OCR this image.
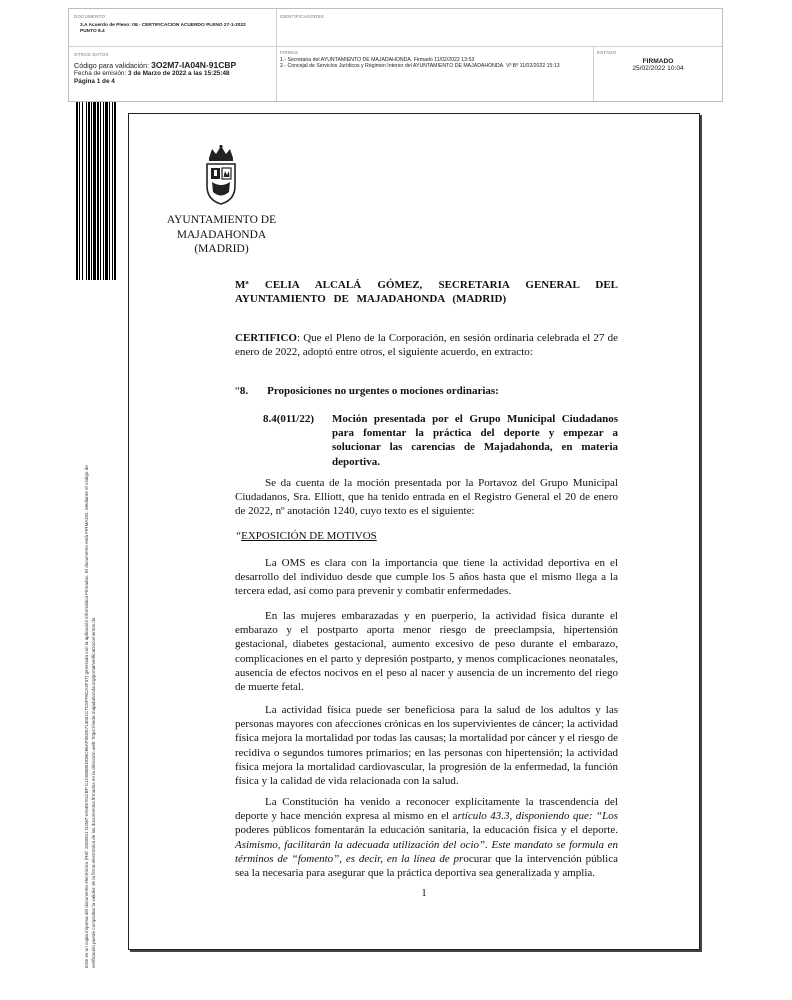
DOCUMENTO
3.A Acuerdo de Pleno: 08.- CERTIFICACION ACUERDO PLENO 27-1-2022 PUNTO 8.4
IDENTIFICADORES
OTROS DATOS
Código para validación: 3O2M7-IA04N-91CBP
Fecha de emisión: 3 de Marzo de 2022 a las 15:25:48
Página 1 de 4
FIRMAS
1.- Secretaria del AYUNTAMIENTO DE MAJADAHONDA. Firmado 11/02/2022 13:53
2.- Concejal de Servicios Jurídicos y Régimen Interior del AYUNTAMIENTO DE MAJADAHONDA. Vº Bº 11/02/2022 15:13
ESTADO
FIRMADO
25/02/2022 10:04
Este es un copia impresa del documento electrónico (Ref: 2050611 O2M7-IA04N-91CBP C1A58806DDBC66AF05D5713031C7C5FF8CA4F37) generada con la aplicación informática Firmadoc. El documento está FIRMADO. Mediante el código de verificación puede comprobar la validez de la firma electrónica de los documentos firmados en la dirección web: https://sede.majadahonda.org/portal/verificaDocumentos.do
AYUNTAMIENTO DE
MAJADAHONDA
(MADRID)
Mª CELIA ALCALÁ GÓMEZ, SECRETARIA GENERAL DEL AYUNTAMIENTO DE MAJADAHONDA (MADRID)
CERTIFICO: Que el Pleno de la Corporación, en sesión ordinaria celebrada el 27 de enero de 2022, adoptó entre otros, el siguiente acuerdo, en extracto:
“8. Proposiciones no urgentes o mociones ordinarias:
8.4(011/22)	Moción presentada por el Grupo Municipal Ciudadanos para fomentar la práctica del deporte y empezar a solucionar las carencias de Majadahonda, en materia deportiva.
Se da cuenta de la moción presentada por la Portavoz del Grupo Municipal Ciudadanos, Sra. Elliott, que ha tenido entrada en el Registro General el 20 de enero de 2022, nº anotación 1240, cuyo texto es el siguiente:
“EXPOSICIÓN DE MOTIVOS
La OMS es clara con la importancia que tiene la actividad deportiva en el desarrollo del individuo desde que cumple los 5 años hasta que el mismo llega a la tercera edad, así como para prevenir y combatir enfermedades.
En las mujeres embarazadas y en puerperio, la actividad física durante el embarazo y el postparto aporta menor riesgo de preeclampsia, hipertensión gestacional, diabetes gestacional, aumento excesivo de peso durante el embarazo, complicaciones en el parto y depresión postparto, y menos complicaciones neonatales, ausencia de efectos nocivos en el peso al nacer y ausencia de un incremento del riego de muerte fetal.
La actividad física puede ser beneficiosa para la salud de los adultos y las personas mayores con afecciones crónicas en los supervivientes de cáncer; la actividad física mejora la mortalidad por todas las causas; la mortalidad por cáncer y el riesgo de recidiva o segundos tumores primarios; en las personas con hipertensión; la actividad física mejora la mortalidad cardiovascular, la progresión de la enfermedad, la función física y la calidad de vida relacionada con la salud.
La Constitución ha venido a reconocer explícitamente la trascendencia del deporte y hace mención expresa al mismo en el artículo 43.3, disponiendo que: “Los poderes públicos fomentarán la educación sanitaria, la educación física y el deporte. Asimismo, facilitarán la adecuada utilización del ocio”. Este mandato se formula en términos de “fomento”, es decir, en la línea de procurar que la intervención pública sea la necesaria para asegurar que la práctica deportiva sea generalizada y amplia.
1
